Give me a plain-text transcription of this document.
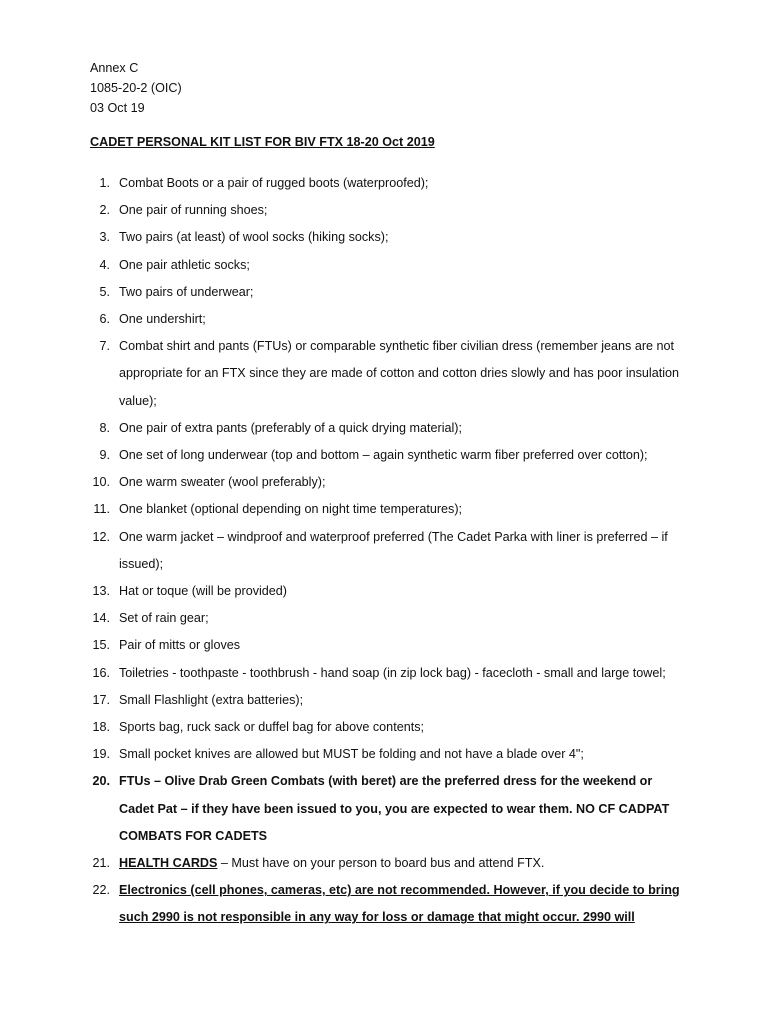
Annex C
1085-20-2 (OIC)
03 Oct 19
CADET PERSONAL KIT LIST FOR BIV FTX 18-20 Oct 2019
1. Combat Boots or a pair of rugged boots (waterproofed);
2. One pair of running shoes;
3. Two pairs (at least) of wool socks (hiking socks);
4. One pair athletic socks;
5. Two pairs of underwear;
6. One undershirt;
7. Combat shirt and pants (FTUs) or comparable synthetic fiber civilian dress (remember jeans are not appropriate for an FTX since they are made of cotton and cotton dries slowly and has poor insulation value);
8. One pair of extra pants (preferably of a quick drying material);
9. One set of long underwear (top and bottom – again synthetic warm fiber preferred over cotton);
10. One warm sweater (wool preferably);
11. One blanket (optional depending on night time temperatures);
12. One warm jacket – windproof and waterproof preferred (The Cadet Parka with liner is preferred – if issued);
13. Hat or toque (will be provided)
14. Set of rain gear;
15. Pair of mitts or gloves
16. Toiletries - toothpaste - toothbrush - hand soap (in zip lock bag) - facecloth - small and large towel;
17. Small Flashlight (extra batteries);
18. Sports bag, ruck sack or duffel bag for above contents;
19. Small pocket knives are allowed but MUST be folding and not have a blade over 4";
20. FTUs – Olive Drab Green Combats (with beret) are the preferred dress for the weekend or Cadet Pat – if they have been issued to you, you are expected to wear them. NO CF CADPAT COMBATS FOR CADETS
21. HEALTH CARDS – Must have on your person to board bus and attend FTX.
22. Electronics (cell phones, cameras, etc) are not recommended. However, if you decide to bring such 2990 is not responsible in any way for loss or damage that might occur. 2990 will
